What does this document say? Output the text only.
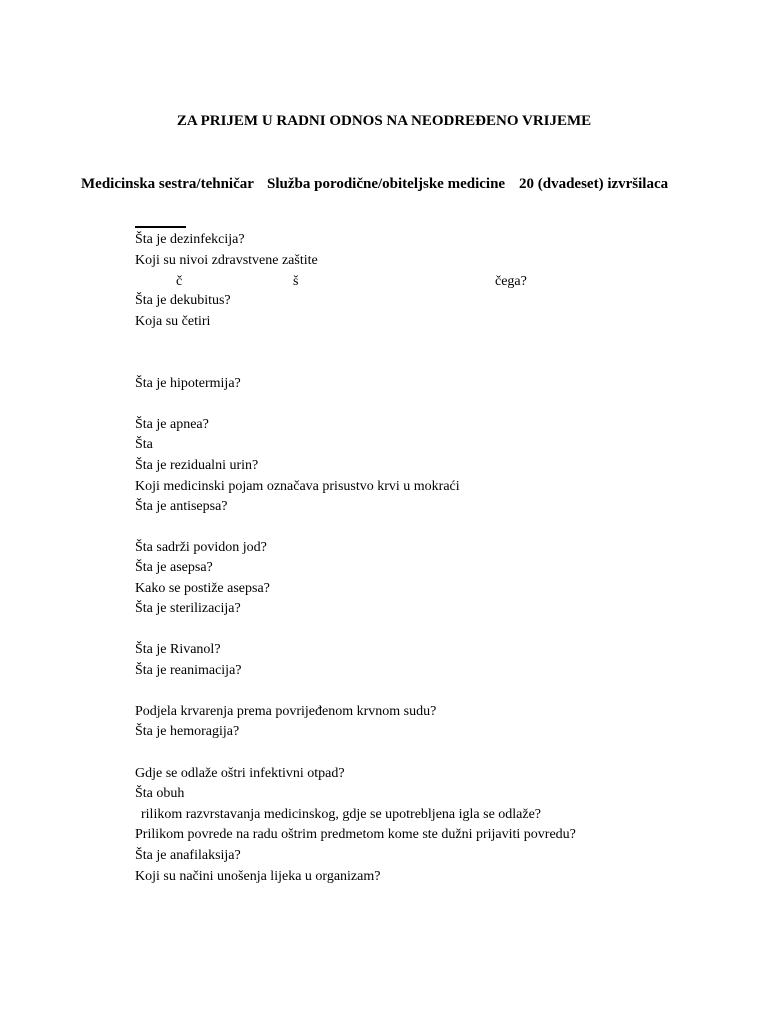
ZA PRIJEM U RADNI ODNOS NA NEODREĐENO VRIJEME
Medicinska sestra/tehničar Služba porodične/obiteljske medicine 20 (dvadeset) izvršilaca
Šta je dezinfekcija?
Koji su nivoi zdravstvene zaštite
č	š	čega?
Šta je dekubitus?
Koja su četiri
Šta je hipotermija?
Šta je apnea?
Šta
Šta je rezidualni urin?
Koji medicinski pojam označava prisustvo krvi u mokraći
Šta je antisepsa?
Šta sadrži povidon jod?
Šta je asepsa?
Kako se postiže asepsa?
Šta je sterilizacija?
Šta je Rivanol?
Šta je reanimacija?
Podjela krvarenja prema povrijeđenom krvnom sudu?
Šta je hemoragija?
Gdje se odlaže oštri infektivni otpad?
Šta obuh
rilikom razvrstavanja medicinskog, gdje se upotrebljena igla se odlaže?
Prilikom povrede na radu oštrim predmetom kome ste dužni prijaviti povredu?
Šta je anafilaksija?
Koji su načini unošenja lijeka u organizam?
